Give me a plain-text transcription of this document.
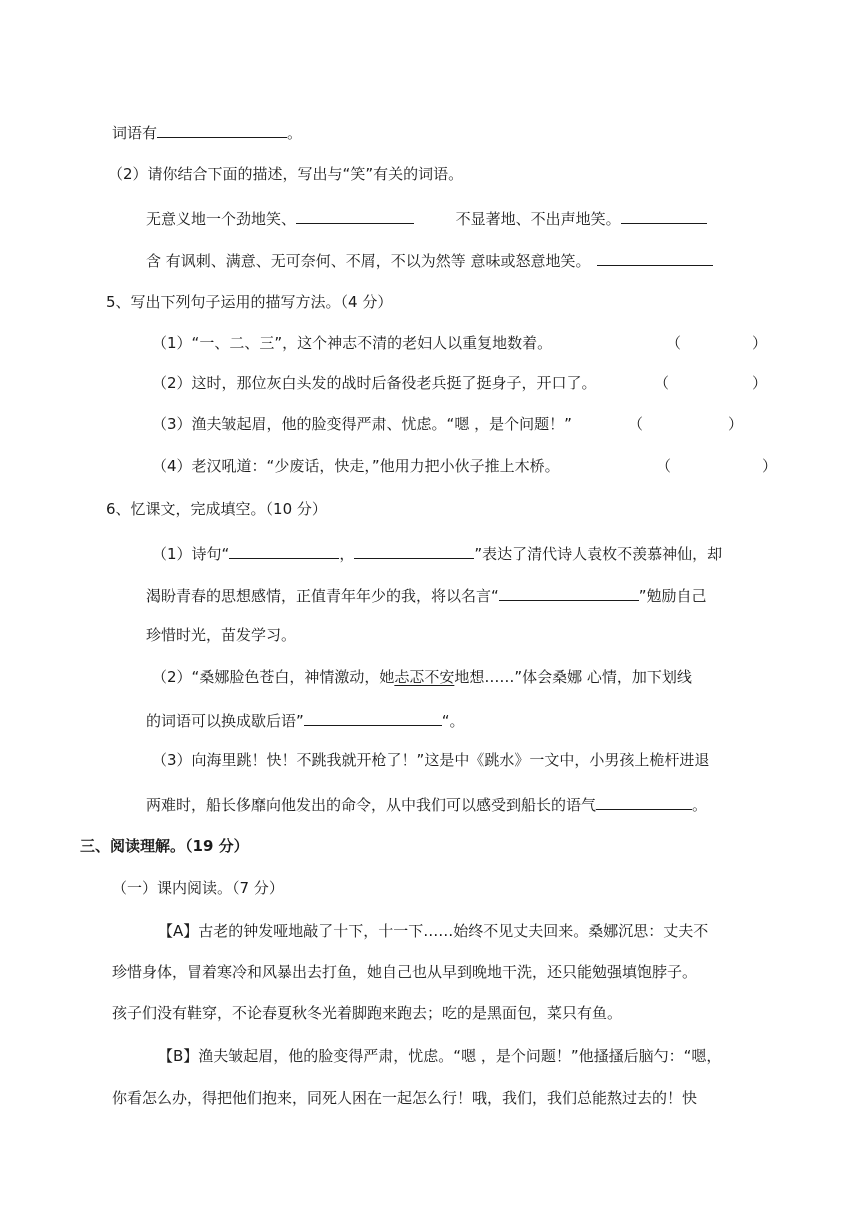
词语有	。
（2）请你结合下面的描述，写出与“笑”有关的词语。
无意义地一个劲地笑、	不显著地、不出声地笑。
含 有讽刺、满意、无可奈何、不屑，不以为然等 意味或怒意地笑。
5、写出下列句子运用的描写方法。（4 分）
（1）“一、二、三”，这个神志不清的老妇人以重复地数着。	（	）
（2）这时，那位灰白头发的战时后备役老兵挺了挺身子，开口了。	（	）
（3）渔夫皱起眉，他的脸变得严肃、忧虑。“嗯 ，是个问题！”	（	）
（4）老汉吼道：“少废话，快走，”他用力把小伙子推上木桥。	（	）
6、忆课文，完成填空。（10 分）
（1）诗句“	，	”表达了清代诗人袁枚不羡慕神仙，却
渴盼青春的思想感情，正值青年年少的我，将以名言“	”勉励自己
珍惜时光，苗发学习。
（2）“桑娜脸色苍白，神情激动，她忐忑不安地想……”体会桑娜 心情，加下划线
的词语可以换成歇后语”	“。
（3）向海里跳！快！不跳我就开枪了！”这是中《跳水》一文中，小男孩上桅杆进退
两难时，船长侈靡向他发出的命令，从中我们可以感受到船长的语气	。
三、阅读理解。（19 分）
（一）课内阅读。（7 分）
【A】古老的钟发哑地敲了十下，十一下……始终不见丈夫回来。桑娜沉思：丈夫不
珍惜身体，冒着寒冷和风暴出去打鱼，她自己也从早到晚地干洗，还只能勉强填饱脖子。
孩子们没有鞋穿，不论春夏秋冬光着脚跑来跑去；吃的是黑面包，菜只有鱼。
【B】渔夫皱起眉，他的脸变得严肃，忧虑。“嗯 ，是个问题！”他搔搔后脑勺：“嗯，
你看怎么办，得把他们抱来，同死人困在一起怎么行！哦，我们，我们总能熬过去的！快
